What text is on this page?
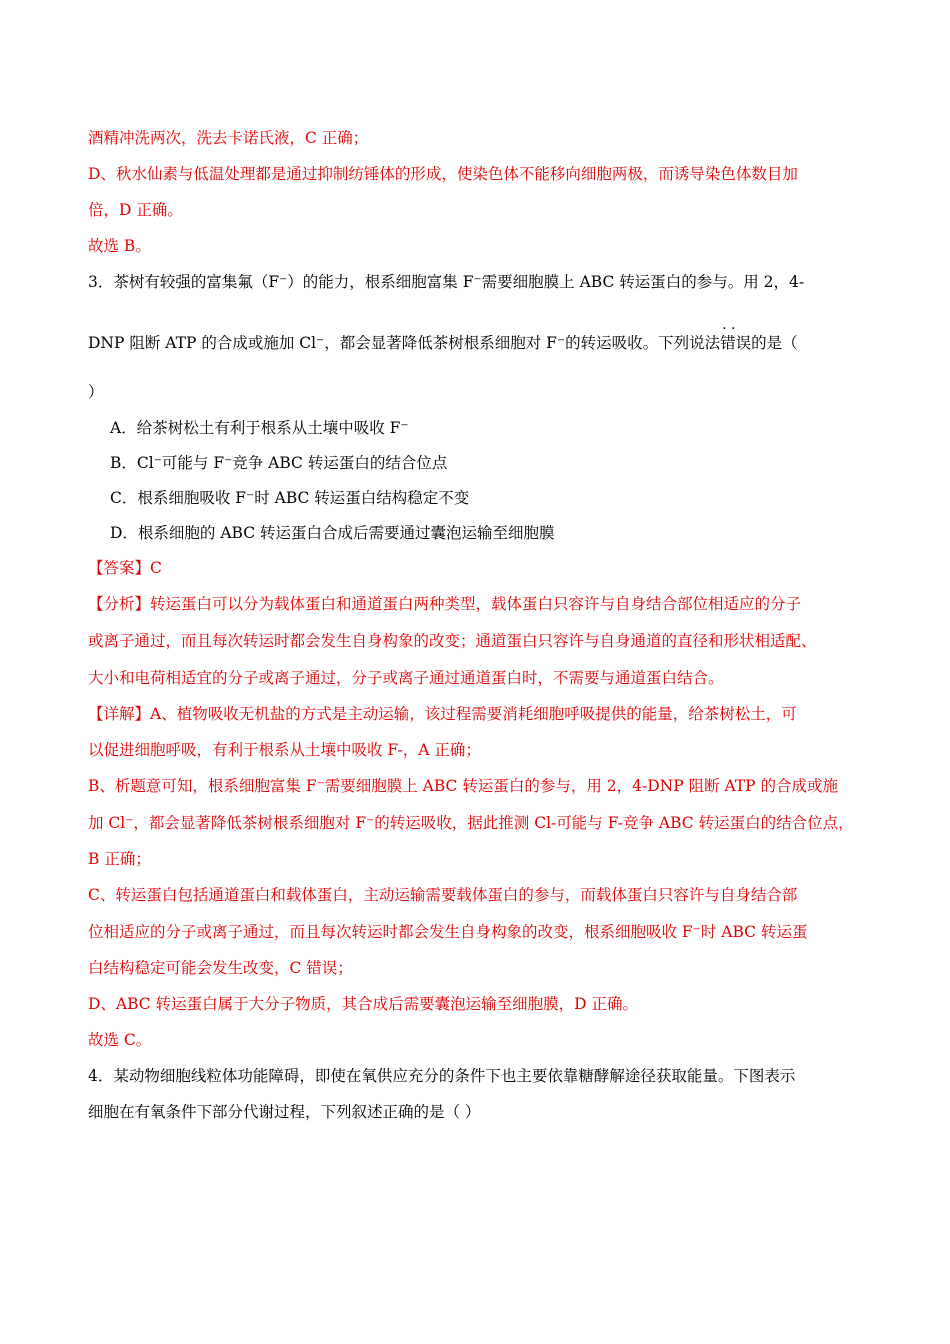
酒精冲洗两次，洗去卡诺氏液，C 正确；
D、秋水仙素与低温处理都是通过抑制纺锤体的形成，使染色体不能移向细胞两极，而诱导染色体数目加
倍，D 正确。
故选 B。
3．茶树有较强的富集氟（F⁻）的能力，根系细胞富集 F⁻需要细胞膜上 ABC 转运蛋白的参与。用 2，4-
DNP 阻断 ATP 的合成或施加 Cl⁻，都会显著降低茶树根系细胞对 F⁻的转运吸收。下列说法· · 错误的是（
）
A．给茶树松土有利于根系从土壤中吸收 F⁻
B．Cl⁻可能与 F⁻竞争 ABC 转运蛋白的结合位点
C．根系细胞吸收 F⁻时 ABC 转运蛋白结构稳定不变
D．根系细胞的 ABC 转运蛋白合成后需要通过囊泡运输至细胞膜
【答案】C
【分析】转运蛋白可以分为载体蛋白和通道蛋白两种类型，载体蛋白只容许与自身结合部位相适应的分子
或离子通过，而且每次转运时都会发生自身构象的改变；通道蛋白只容许与自身通道的直径和形状相适配、
大小和电荷相适宜的分子或离子通过，分子或离子通过通道蛋白时，不需要与通道蛋白结合。
【详解】A、植物吸收无机盐的方式是主动运输，该过程需要消耗细胞呼吸提供的能量，给茶树松土，可
以促进细胞呼吸，有利于根系从土壤中吸收 F-，A 正确；
B、析题意可知，根系细胞富集 F⁻需要细胞膜上 ABC 转运蛋白的参与，用 2，4-DNP 阻断 ATP 的合成或施
加 Cl⁻，都会显著降低茶树根系细胞对 F⁻的转运吸收，据此推测 Cl-可能与 F-竞争 ABC 转运蛋白的结合位点，
B 正确；
C、转运蛋白包括通道蛋白和载体蛋白，主动运输需要载体蛋白的参与，而载体蛋白只容许与自身结合部
位相适应的分子或离子通过，而且每次转运时都会发生自身构象的改变，根系细胞吸收 F⁻时 ABC 转运蛋
白结构稳定可能会发生改变，C 错误；
D、ABC 转运蛋白属于大分子物质，其合成后需要囊泡运输至细胞膜，D 正确。
故选 C。
4．某动物细胞线粒体功能障碍，即使在氧供应充分的条件下也主要依靠糖酵解途径获取能量。下图表示
细胞在有氧条件下部分代谢过程，下列叙述正确的是（ ）
